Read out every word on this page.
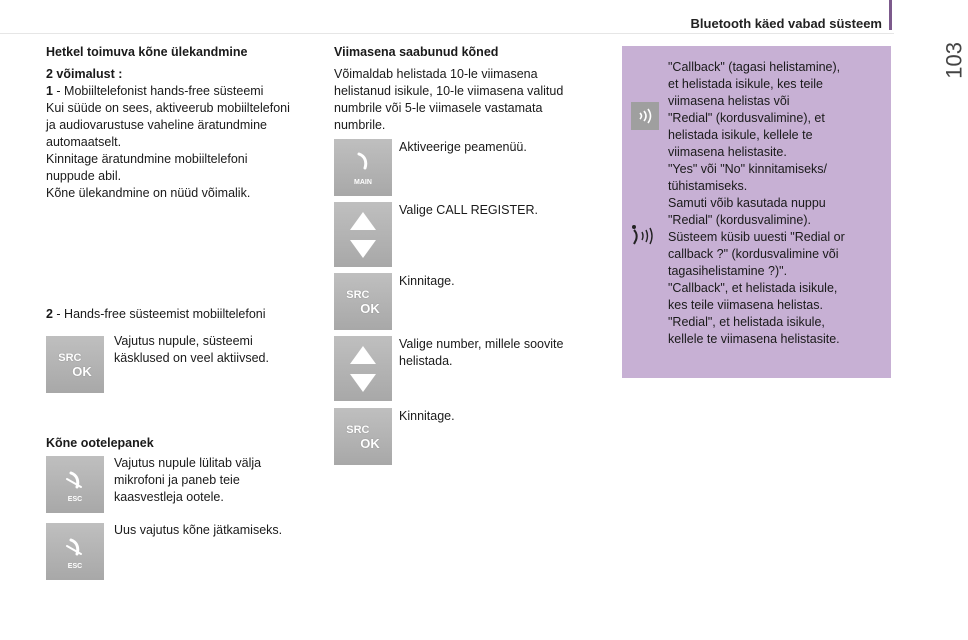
Bluetooth käed vabad süsteem
103
Hetkel toimuva kõne ülekandmine
2 võimalust :
1 - Mobiiltelefonist hands-free süsteemi
Kui süüde on sees, aktiveerub mobiiltelefoni
ja audiovarustuse vaheline äratundmine
automaatselt.
Kinnitage äratundmine mobiiltelefoni
nuppude abil.
Kõne ülekandmine on nüüd võimalik.
2 - Hands-free süsteemist mobiiltelefoni
SRC
OK
Vajutus nupule, süsteemi
käsklused on veel aktiivsed.
Kõne ootelepanek
ESC
Vajutus nupule lülitab välja
mikrofoni ja paneb teie
kaasvestleja ootele.
ESC
Uus vajutus kõne jätkamiseks.
Viimasena saabunud kõned
Võimaldab helistada 10-le viimasena
helistanud isikule, 10-le viimasena valitud
numbrile või 5-le viimasele vastamata
numbrile.
MAIN
Aktiveerige peamenüü.
Valige CALL REGISTER.
SRC
OK
Kinnitage.
Valige number, millele soovite
helistada.
SRC
OK
Kinnitage.
"Callback" (tagasi helistamine),
et helistada isikule, kes teile
viimasena helistas või
"Redial" (kordusvalimine), et
helistada isikule, kellele te
viimasena helistasite.
"Yes" või "No" kinnitamiseks/
tühistamiseks.
Samuti võib kasutada nuppu
"Redial" (kordusvalimine).
Süsteem küsib uuesti "Redial or
callback ?" (kordusvalimine või
tagasihelistamine ?)".
"Callback", et helistada isikule,
kes teile viimasena helistas.
"Redial", et helistada isikule,
kellele te viimasena helistasite.
